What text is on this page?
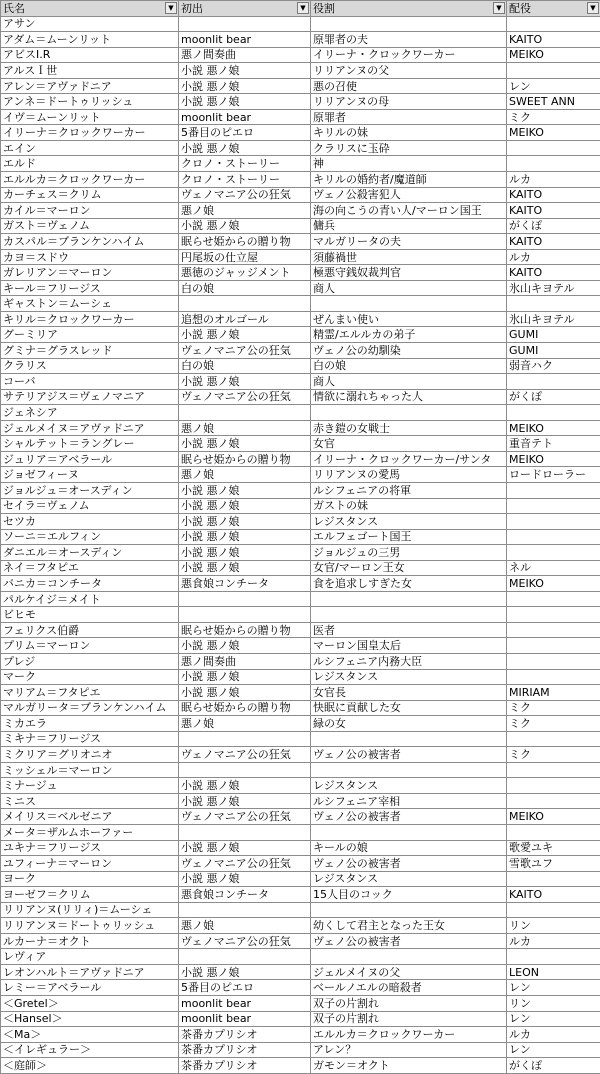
氏名 ▼	初出 ▼	役割 ▼	配役 ▼

アサン			
アダム＝ムーンリット	moonlit bear	原罪者の夫	KAITO
アビスI.R	悪ノ間奏曲	イリーナ・クロックワーカー	MEIKO
アルスＩ世	小説 悪ノ娘	リリアンヌの父	
アレン＝アヴァドニア	小説 悪ノ娘	悪の召使	レン
アンネ＝ドートゥリッシュ	小説 悪ノ娘	リリアンヌの母	SWEET ANN
イヴ＝ムーンリット	moonlit bear	原罪者	ミク
イリーナ＝クロックワーカー	5番目のピエロ	キリルの妹	MEIKO
エイン	小説 悪ノ娘	クラリスに玉砕	
エルド	クロノ・ストーリー	神	
エルルカ＝クロックワーカー	クロノ・ストーリー	キリルの婚約者/魔道師	ルカ
カーチェス＝クリム	ヴェノマニア公の狂気	ヴェノ公殺害犯人	KAITO
カイル＝マーロン	悪ノ娘	海の向こうの青い人/マーロン国王	KAITO
ガスト＝ヴェノム	小説 悪ノ娘	傭兵	がくぽ
カスパル＝ブランケンハイム	眠らせ姫からの贈り物	マルガリータの夫	KAITO
カヨ＝スドウ	円尾坂の仕立屋	須藤禍世	ルカ
ガレリアン＝マーロン	悪徳のジャッジメント	極悪守銭奴裁判官	KAITO
キール＝フリージス	白の娘	商人	氷山キヨテル
ギャストン＝ムーシェ			
キリル＝クロックワーカー	追想のオルゴール	ぜんまい使い	氷山キヨテル
グーミリア	小説 悪ノ娘	精霊/エルルカの弟子	GUMI
グミナ＝グラスレッド	ヴェノマニア公の狂気	ヴェノ公の幼馴染	GUMI
クラリス	白の娘	白の娘	弱音ハク
コーバ	小説 悪ノ娘	商人	
サテリアジス＝ヴェノマニア	ヴェノマニア公の狂気	情欲に溺れちゃった人	がくぽ
ジェネシア			
ジェルメイヌ＝アヴァドニア	悪ノ娘	赤き鎧の女戦士	MEIKO
シャルテット＝ラングレー	小説 悪ノ娘	女官	重音テト
ジュリア＝アベラール	眠らせ姫からの贈り物	イリーナ・クロックワーカー/サンタ	MEIKO
ジョゼフィーヌ	悪ノ娘	リリアンヌの愛馬	ロードローラー
ジョルジュ＝オースディン	小説 悪ノ娘	ルシフェニアの将軍	
セイラ＝ヴェノム	小説 悪ノ娘	ガストの妹	
セツカ	小説 悪ノ娘	レジスタンス	
ソーニ＝エルフィン	小説 悪ノ娘	エルフェゴート国王	
ダニエル＝オースディン	小説 悪ノ娘	ジョルジュの三男	
ネイ＝フタピエ	小説 悪ノ娘	女官/マーロン王女	ネル
バニカ＝コンチータ	悪食娘コンチータ	食を追求しすぎた女	MEIKO
パルケイジ＝メイト			
ビヒモ			
フェリクス伯爵	眠らせ姫からの贈り物	医者	
プリム＝マーロン	小説 悪ノ娘	マーロン国皇太后	
プレジ	悪ノ間奏曲	ルシフェニア内務大臣	
マーク	小説 悪ノ娘	レジスタンス	
マリアム＝フタピエ	小説 悪ノ娘	女官長	MIRIAM
マルガリータ＝ブランケンハイム	眠らせ姫からの贈り物	快眠に貢献した女	ミク
ミカエラ	悪ノ娘	緑の女	ミク
ミキナ＝フリージス			
ミクリア＝グリオニオ	ヴェノマニア公の狂気	ヴェノ公の被害者	ミク
ミッシェル＝マーロン			
ミナージュ	小説 悪ノ娘	レジスタンス	
ミニス	小説 悪ノ娘	ルシフェニア宰相	
メイリス＝ベルゼニア	ヴェノマニア公の狂気	ヴェノ公の被害者	MEIKO
メータ＝ザルムホーファー			
ユキナ＝フリージス	小説 悪ノ娘	キールの娘	歌愛ユキ
ユフィーナ＝マーロン	ヴェノマニア公の狂気	ヴェノ公の被害者	雪歌ユフ
ヨーク	小説 悪ノ娘	レジスタンス	
ヨーゼフ＝クリム	悪食娘コンチータ	15人目のコック	KAITO
リリアンヌ(リリィ)＝ムーシェ			
リリアンヌ＝ドートゥリッシュ	悪ノ娘	幼くして君主となった王女	リン
ルカーナ＝オクト	ヴェノマニア公の狂気	ヴェノ公の被害者	ルカ
レヴィア			
レオンハルト＝アヴァドニア	小説 悪ノ娘	ジェルメイヌの父	LEON
レミー＝アベラール	5番目のピエロ	ベールノエルの暗殺者	レン
＜Gretel＞	moonlit bear	双子の片割れ	リン
＜Hansel＞	moonlit bear	双子の片割れ	レン
＜Ma＞	茶番カプリシオ	エルルカ＝クロックワーカー	ルカ
＜イレギュラー＞	茶番カプリシオ	アレン？	レン
＜庭師＞	茶番カプリシオ	ガモン＝オクト	がくぽ
